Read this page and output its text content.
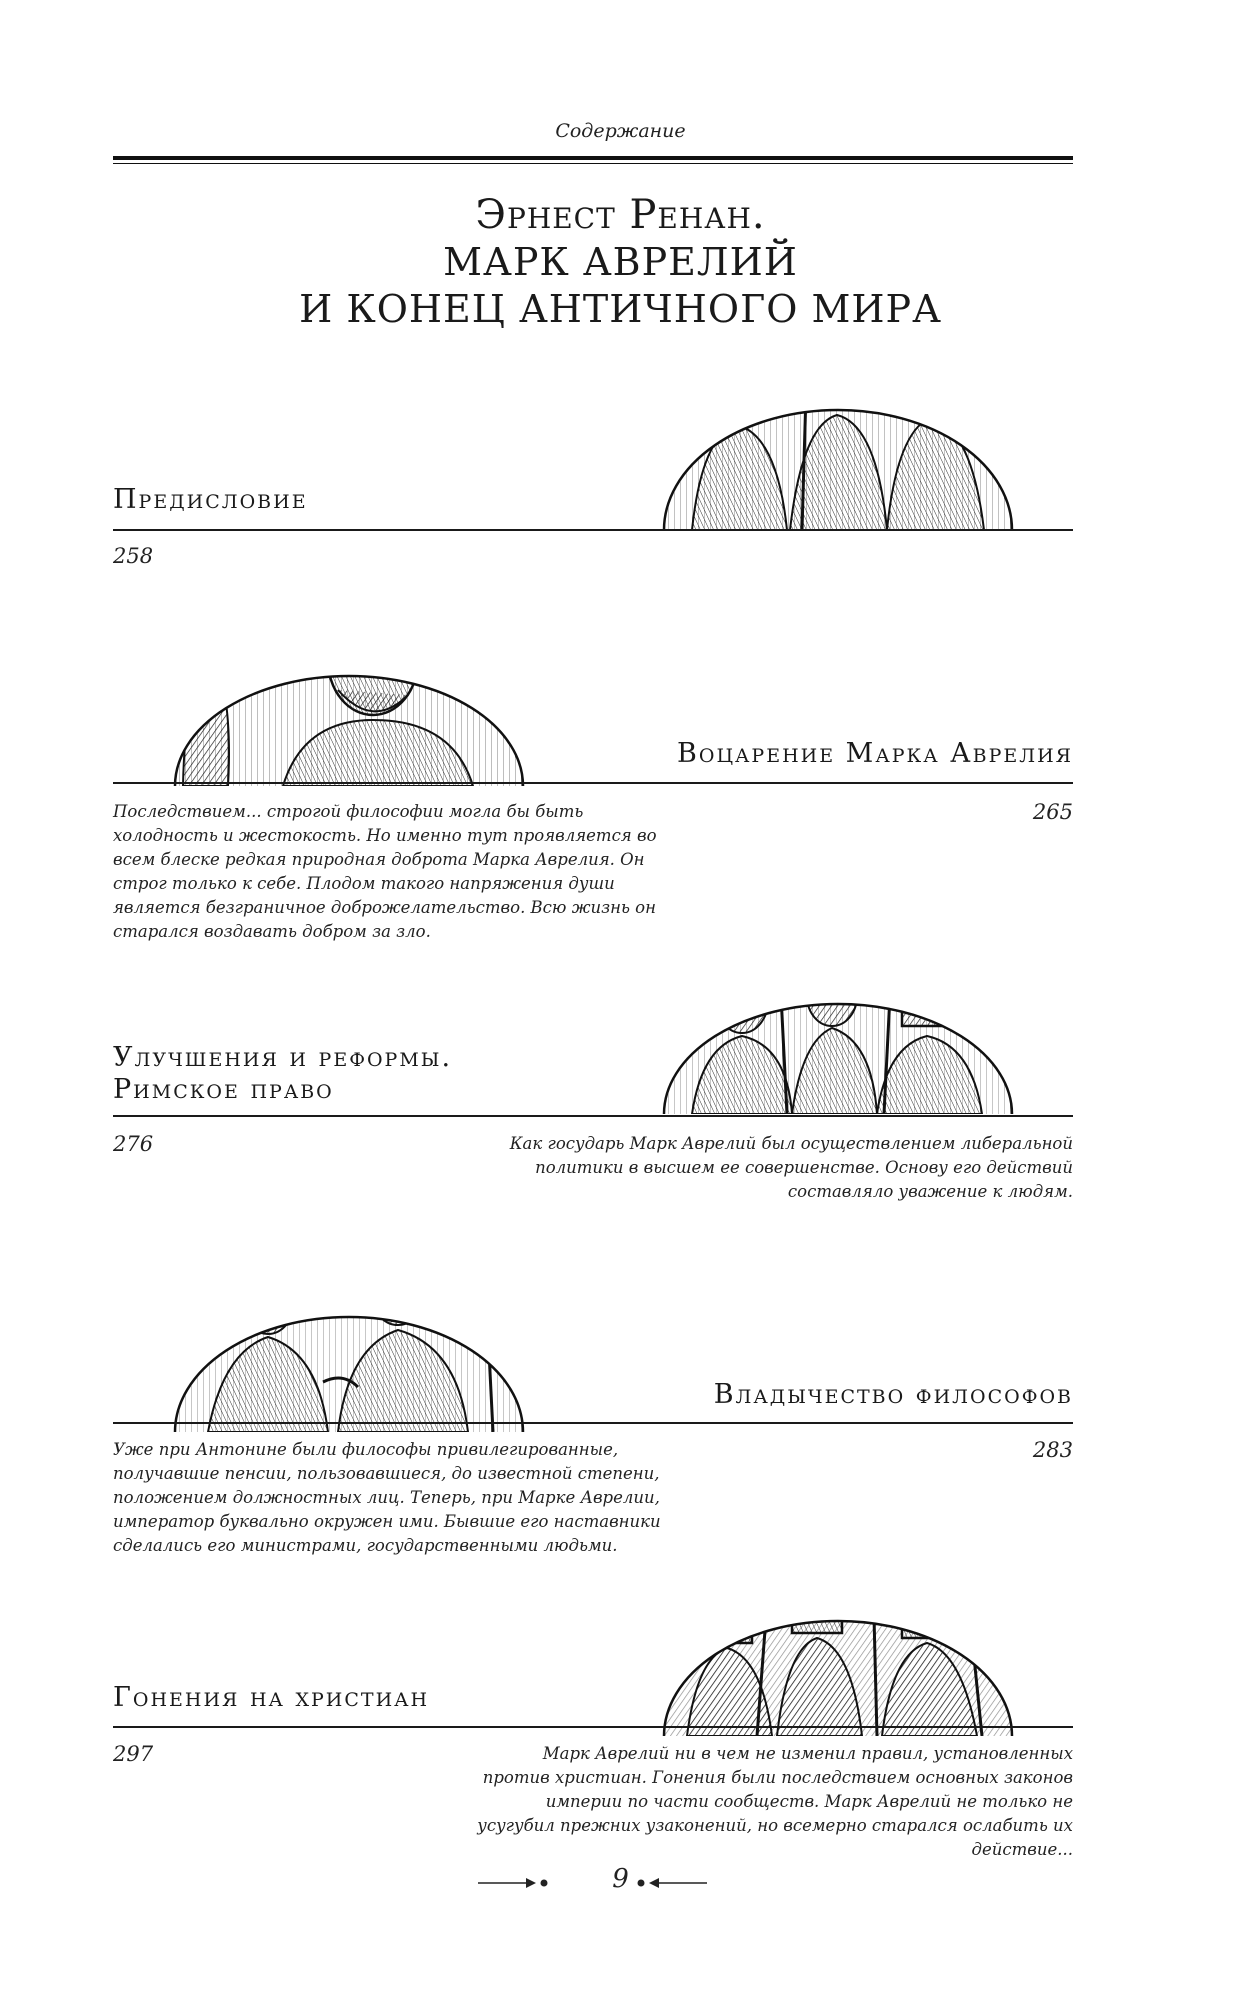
Содержание
Эрнест Ренан.
МАРК АВРЕЛИЙ
И КОНЕЦ АНТИЧНОГО МИРА
Предисловие
258
Воцарение Марка Аврелия
Последствием... строгой философии могла бы быть холодность и жестокость. Но именно тут проявляется во всем блеске редкая природная доброта Марка Аврелия. Он строг только к себе. Плодом такого напряжения души является безграничное доброжелательство. Всю жизнь он старался воздавать добром за зло.
265
Улучшения и реформы.
Римское право
276	Как государь Марк Аврелий был осуществлением либеральной политики в высшем ее совершенстве. Основу его действий составляло уважение к людям.
Владычество философов
Уже при Антонине были философы привилегированные, получавшие пенсии, пользовавшиеся, до известной степени, положением должностных лиц. Теперь, при Марке Аврелии, император буквально окружен ими. Бывшие его наставники сделались его министрами, государственными людьми.
283
Гонения на христиан
297	Марк Аврелий ни в чем не изменил правил, установленных против христиан. Гонения были последствием основных законов империи по части сообществ. Марк Аврелий не только не усугубил прежних узаконений, но всемерно старался ослабить их действие...
9
